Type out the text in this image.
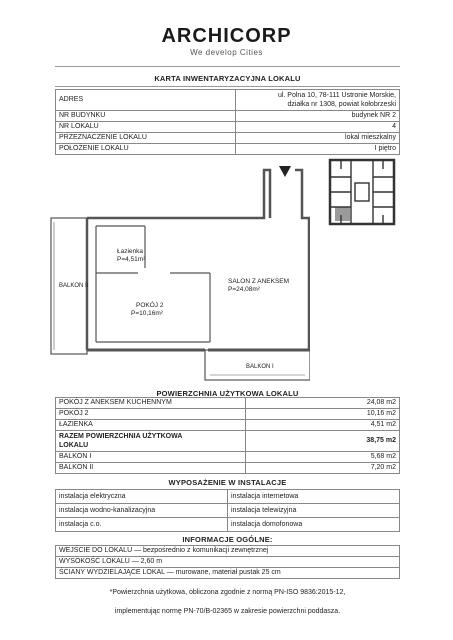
ARCHICORP
We develop Cities
KARTA INWENTARYZACYJNA LOKALU
ADRES	ul. Polna 10, 78-111 Ustronie Morskie,
działka nr 1308, powiat kołobrzeski

NR BUDYNKU	budynek NR 2
NR LOKALU	4
PRZEZNACZENIE LOKALU	lokal mieszkalny
POŁOŻENIE LOKALU	I piętro
Łazienka
P=4,51m²
SALON Z ANEKSEM
P=24,08m²
POKÓJ 2
P=10,16m²
BALKON II
BALKON I
POWIERZCHNIA UŻYTKOWA LOKALU
POKÓJ Z ANEKSEM KUCHENNYM	24,08 m2
POKÓJ 2	10,16 m2
ŁAZIENKA	4,51 m2

RAZEM POWIERZCHNIA UŻYTKOWA
LOKALU	38,75 m2
BALKON I	5,68 m2
BALKON II	7,20 m2
WYPOSAŻENIE W INSTALACJE
instalacja elektryczna	instalacja internetowa
instalacja wodno-kanalizacyjna	instalacja telewizyjna
instalacja c.o.	instalacja domofonowa
INFORMACJE OGÓLNE:
WEJŚCIE DO LOKALU — bezpośrednio z komunikacji zewnętrznej
WYSOKOŚĆ LOKALU — 2,60 m
ŚCIANY WYDZIELAJĄCE LOKAL — murowane, materiał pustak 25 cm
*Powierzchnia użytkowa, obliczona zgodnie z normą PN-ISO 9836:2015-12,
implementując normę PN-70/B-02365 w zakresie powierzchni poddasza.
